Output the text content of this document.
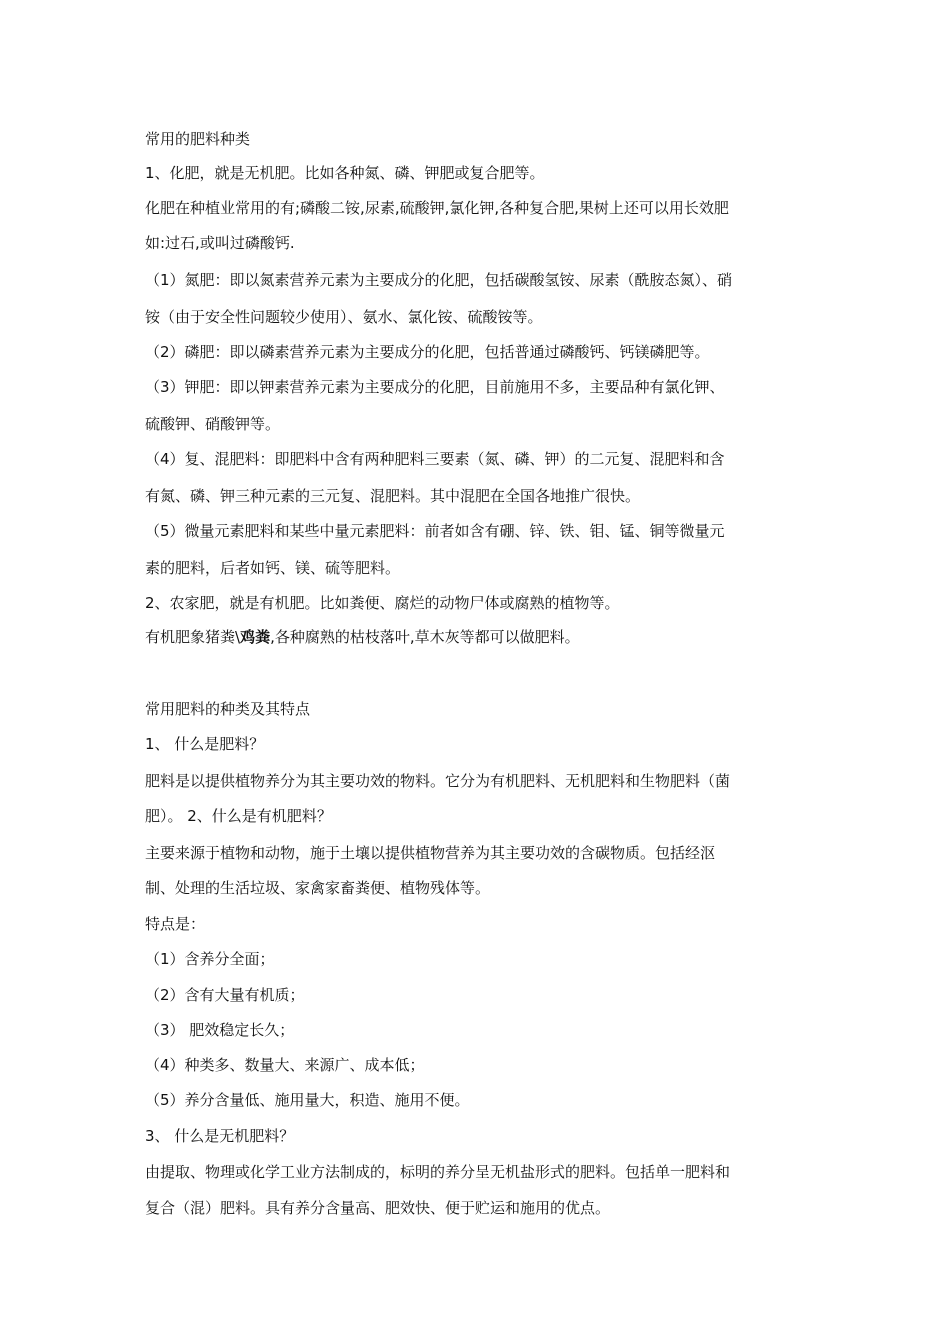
常用的肥料种类
1、化肥，就是无机肥。比如各种氮、磷、钾肥或复合肥等。
化肥在种植业常用的有;磷酸二铵,尿素,硫酸钾,氯化钾,各种复合肥,果树上还可以用长效肥
如:过石,或叫过磷酸钙.
（1）氮肥：即以氮素营养元素为主要成分的化肥，包括碳酸氢铵、尿素（酰胺态氮）、硝
铵（由于安全性问题较少使用）、氨水、氯化铵、硫酸铵等。
（2）磷肥：即以磷素营养元素为主要成分的化肥，包括普通过磷酸钙、钙镁磷肥等。
（3）钾肥：即以钾素营养元素为主要成分的化肥，目前施用不多，主要品种有氯化钾、
硫酸钾、硝酸钾等。
（4）复、混肥料：即肥料中含有两种肥料三要素（氮、磷、钾）的二元复、混肥料和含
有氮、磷、钾三种元素的三元复、混肥料。其中混肥在全国各地推广很快。
（5）微量元素肥料和某些中量元素肥料：前者如含有硼、锌、铁、钼、锰、铜等微量元
素的肥料，后者如钙、镁、硫等肥料。
2、农家肥，就是有机肥。比如粪便、腐烂的动物尸体或腐熟的植物等。
有机肥象猪粪\鸡粪,各种腐熟的枯枝落叶,草木灰等都可以做肥料。
常用肥料的种类及其特点
1、 什么是肥料？
肥料是以提供植物养分为其主要功效的物料。它分为有机肥料、无机肥料和生物肥料（菌
肥）。 2、什么是有机肥料？
主要来源于植物和动物，施于土壤以提供植物营养为其主要功效的含碳物质。包括经沤
制、处理的生活垃圾、家禽家畜粪便、植物残体等。
特点是：
（1）含养分全面；
（2）含有大量有机质；
（3） 肥效稳定长久；
（4）种类多、数量大、来源广、成本低；
（5）养分含量低、施用量大，积造、施用不便。
3、 什么是无机肥料？
由提取、物理或化学工业方法制成的，标明的养分呈无机盐形式的肥料。包括单一肥料和
复合（混）肥料。具有养分含量高、肥效快、便于贮运和施用的优点。
